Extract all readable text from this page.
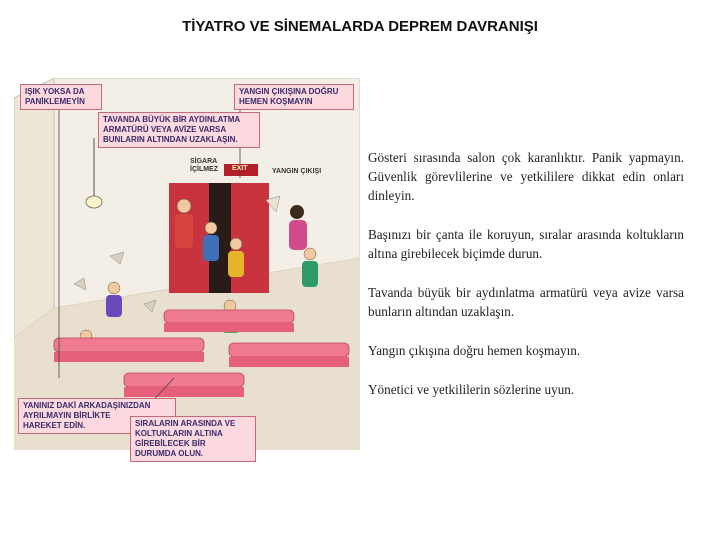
TİYATRO VE SİNEMALARDA DEPREM DAVRANIŞI
IŞIK YOKSA DA
PANİKLEMEYİN
YANGIN ÇIKIŞINA DOĞRU
HEMEN KOŞMAYIN
TAVANDA BÜYÜK BİR AYDINLATMA
ARMATÜRÜ VEYA AVİZE VARSA
BUNLARIN ALTINDAN UZAKLAŞIN.
YANINIZ DAKİ ARKADAŞINIZDAN
AYRILMAYIN BİRLİKTE
HAREKET EDİN.	SIRALARIN ARASINDA VE
KOLTUKLARIN ALTINA
GİREBİLECEK BİR
DURUMDA OLUN.
SİGARA
İÇİLMEZ EXIT	YANGIN ÇIKIŞI

Gösteri sırasında salon çok karanlıktır. Panik yapmayın. Güvenlik görevlilerine ve yetkililere dikkat edin onları dinleyin.

Başınızı bir çanta ile koruyun, sıralar arasında koltukların altına girebilecek biçimde durun.

Tavanda büyük bir aydınlatma armatürü veya avize varsa bunların altından uzaklaşın.

Yangın çıkışına doğru hemen koşmayın.

Yönetici ve yetkililerin sözlerine uyun.
